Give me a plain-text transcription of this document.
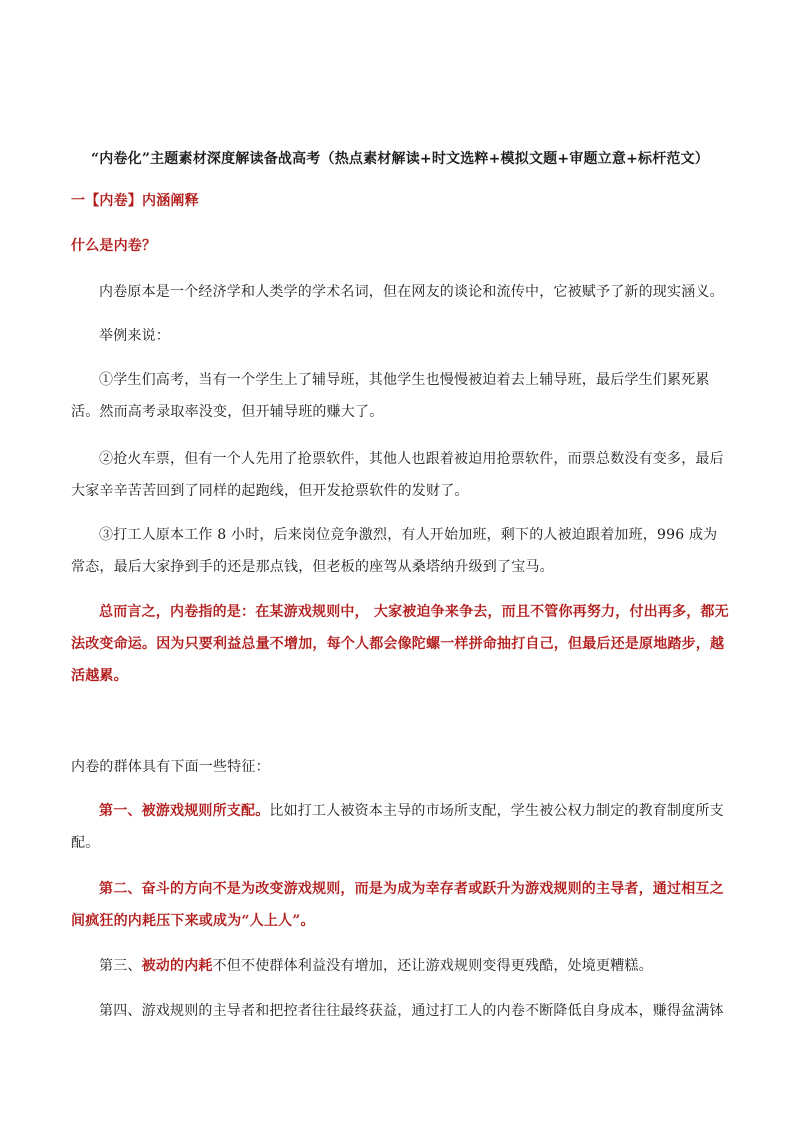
“内卷化”主题素材深度解读备战高考（热点素材解读+时文选粹+模拟文题+审题立意+标杆范文）

一【内卷】内涵阐释

什么是内卷？

内卷原本是一个经济学和人类学的学术名词，但在网友的谈论和流传中，它被赋予了新的现实涵义。

举例来说：

①学生们高考，当有一个学生上了辅导班，其他学生也慢慢被迫着去上辅导班，最后学生们累死累活。然而高考录取率没变，但开辅导班的赚大了。

②抢火车票，但有一个人先用了抢票软件，其他人也跟着被迫用抢票软件，而票总数没有变多，最后大家辛辛苦苦回到了同样的起跑线，但开发抢票软件的发财了。

③打工人原本工作 8 小时，后来岗位竞争激烈，有人开始加班，剩下的人被迫跟着加班，996 成为常态，最后大家挣到手的还是那点钱，但老板的座驾从桑塔纳升级到了宝马。

总而言之，内卷指的是：在某游戏规则中， 大家被迫争来争去，而且不管你再努力，付出再多，都无法改变命运。因为只要利益总量不增加，每个人都会像陀螺一样拼命抽打自己，但最后还是原地踏步，越活越累。

内卷的群体具有下面一些特征：

第一、被游戏规则所支配。比如打工人被资本主导的市场所支配，学生被公权力制定的教育制度所支配。

第二、奋斗的方向不是为改变游戏规则，而是为成为幸存者或跃升为游戏规则的主导者，通过相互之间疯狂的内耗压下来或成为“人上人”。

第三、被动的内耗不但不使群体利益没有增加，还让游戏规则变得更残酷，处境更糟糕。

第四、游戏规则的主导者和把控者往往最终获益，通过打工人的内卷不断降低自身成本，赚得盆满钵
